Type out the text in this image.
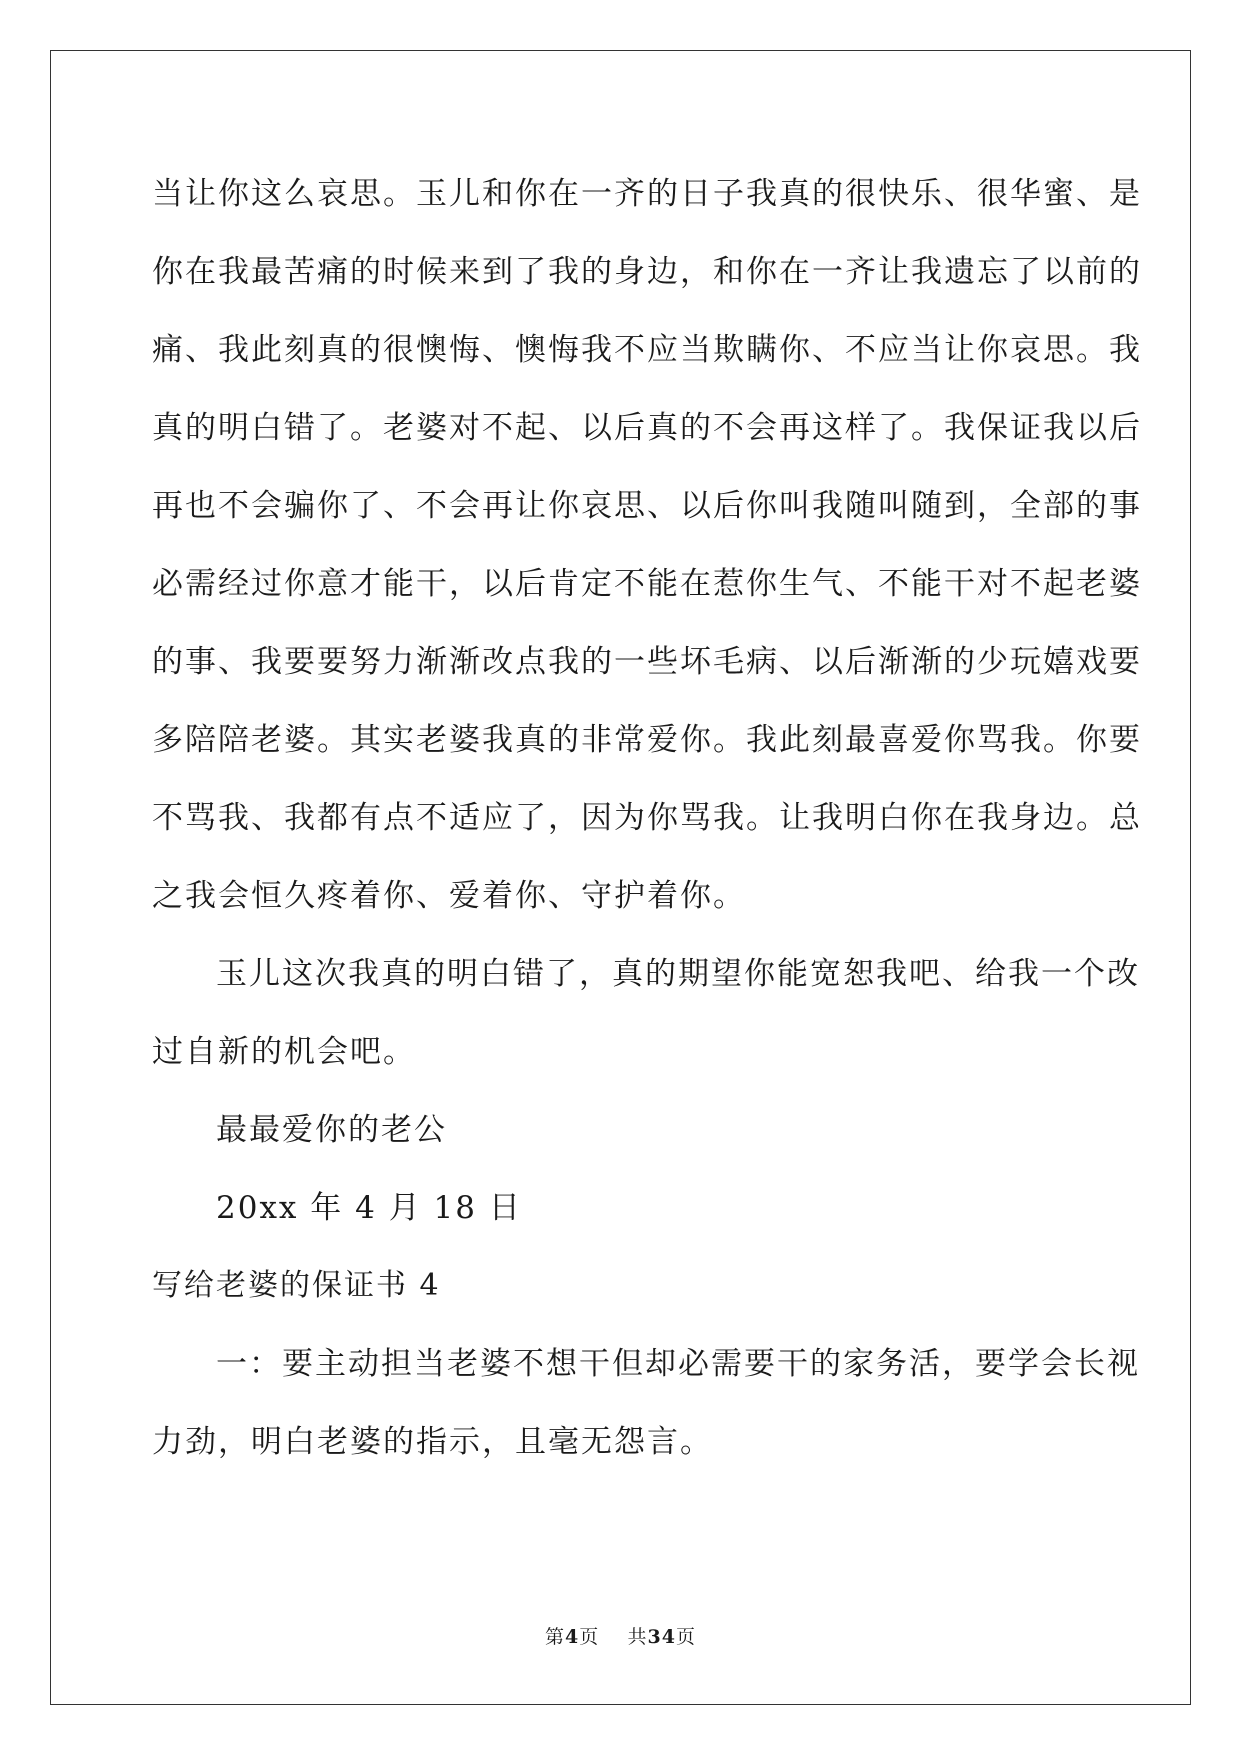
当让你这么哀思。玉儿和你在一齐的日子我真的很快乐、很华蜜、是
你在我最苦痛的时候来到了我的身边，和你在一齐让我遗忘了以前的
痛、我此刻真的很懊悔、懊悔我不应当欺瞒你、不应当让你哀思。我
真的明白错了。老婆对不起、以后真的不会再这样了。我保证我以后
再也不会骗你了、不会再让你哀思、以后你叫我随叫随到，全部的事
必需经过你意才能干，以后肯定不能在惹你生气、不能干对不起老婆
的事、我要要努力渐渐改点我的一些坏毛病、以后渐渐的少玩嬉戏要
多陪陪老婆。其实老婆我真的非常爱你。我此刻最喜爱你骂我。你要
不骂我、我都有点不适应了，因为你骂我。让我明白你在我身边。总
之我会恒久疼着你、爱着你、守护着你。
玉儿这次我真的明白错了，真的期望你能宽恕我吧、给我一个改
过自新的机会吧。
最最爱你的老公
20xx 年 4 月 18 日
写给老婆的保证书 4
一：要主动担当老婆不想干但却必需要干的家务活，要学会长视
力劲，明白老婆的指示，且毫无怨言。
第4页 共34页
